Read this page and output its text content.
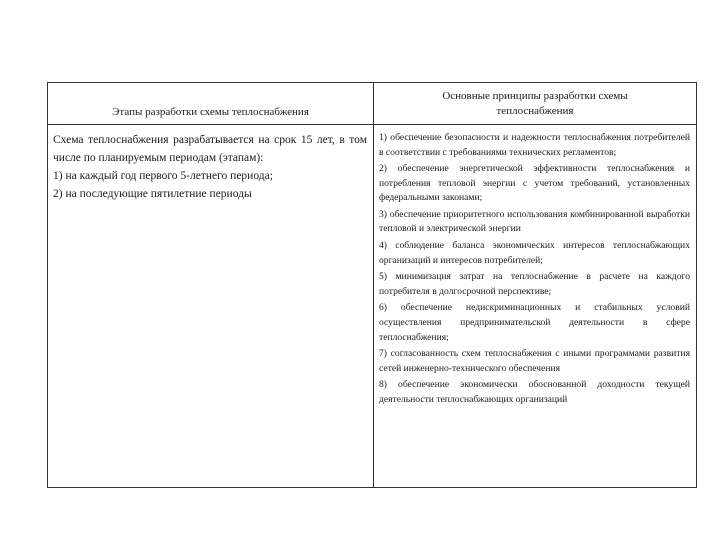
Этапы разработки схемы теплоснабжения
Основные принципы разработки схемы теплоснабжения
Схема теплоснабжения разрабатывается на срок 15 лет, в том числе по планируемым периодам (этапам):
1) на каждый год первого 5-летнего периода;
2) на последующие пятилетние периоды
1) обеспечение безопасности и надежности теплоснабжения потребителей в соответствии с требованиями технических регламентов;
2) обеспечение энергетической эффективности теплоснабжения и потребления тепловой энергии с учетом требований, установленных федеральными законами;
3) обеспечение приоритетного использования комбинированной выработки тепловой и электрической энергии
4) соблюдение баланса экономических интересов теплоснабжающих организаций и интересов потребителей;
5) минимизация затрат на теплоснабжение в расчете на каждого потребителя в долгосрочной перспективе;
6) обеспечение недискриминационных и стабильных условий осуществления предпринимательской деятельности в сфере теплоснабжения;
7) согласованность схем теплоснабжения с иными программами развития сетей инженерно-технического обеспечения
8) обеспечение экономически обоснованной доходности текущей деятельности теплоснабжающих организаций
